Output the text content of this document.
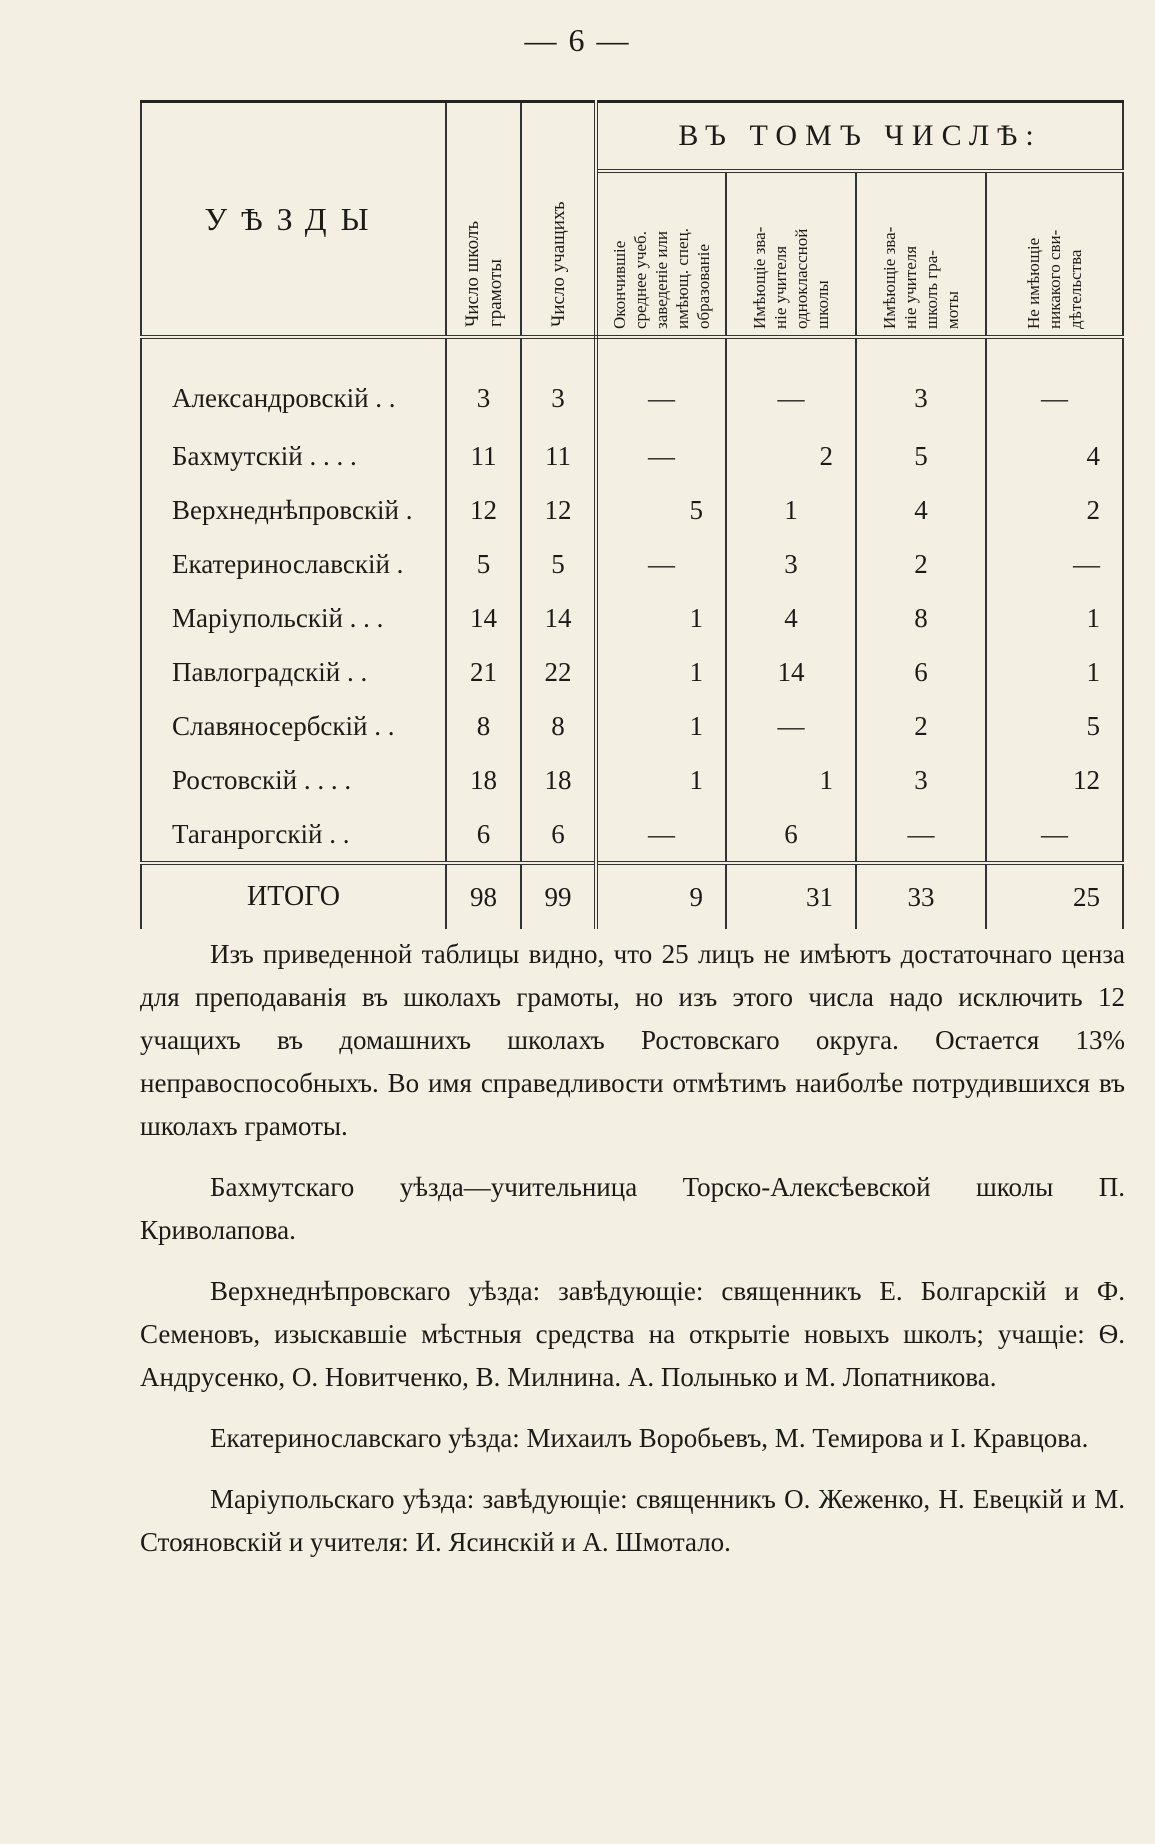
— 6 —
УѢЗДЫ	Число школъ
грамоты	Число учащихъ	ВЪ ТОМЪ ЧИСЛѢ:			

			Окончившіе
среднее учеб.
заведеніе или
имѣющ. спец.
образованіе	Имѣющіе зва-
ніе учителя
одноклассной
школы	Имѣющіе зва-
ніе учителя
школъ гра-
моты	Не имѣющіе
никакого сви-
дѣтельства

Александровскій . .	3	3	—	—	3	—
Бахмутскій . . . .	11	11	—	2	5	4
Верхнеднѣпровскій .	12	12	5	1	4	2
Екатеринославскій .	5	5	—	3	2	—
Маріупольскій . . .	14	14	1	4	8	1
Павлоградскій . .	21	22	1	14	6	1
Славяносербскій . .	8	8	1	—	2	5
Ростовскій . . . .	18	18	1	1	3	12
Таганрогскій . .	6	6	—	6	—	—
ИТОГО	98	99	9	31	33	25

Изъ приведенной таблицы видно, что 25 лицъ не имѣютъ достаточнаго ценза для преподаванія въ школахъ грамоты, но изъ этого числа надо исключить 12 учащихъ въ домашнихъ школахъ Ростовскаго округа. Остается 13% неправоспособныхъ. Во имя справедливости отмѣтимъ наиболѣе потрудившихся въ школахъ грамоты.

Бахмутскаго уѣзда—учительница Торско-Алексѣевской школы П. Криволапова.

Верхнеднѣпровскаго уѣзда: завѣдующіе: священникъ Е. Болгарскій и Ф. Семеновъ, изыскавшіе мѣстныя средства на открытіе новыхъ школъ; учащіе: Ѳ. Андрусенко, О. Новитченко, В. Милнина. А. Полынько и М. Лопатникова.

Екатеринославскаго уѣзда: Михаилъ Воробьевъ, М. Темирова и I. Кравцова.

Маріупольскаго уѣзда: завѣдующіе: священникъ О. Жеженко, Н. Евецкій и М. Стояновскій и учителя: И. Ясинскій и А. Шмотало.
